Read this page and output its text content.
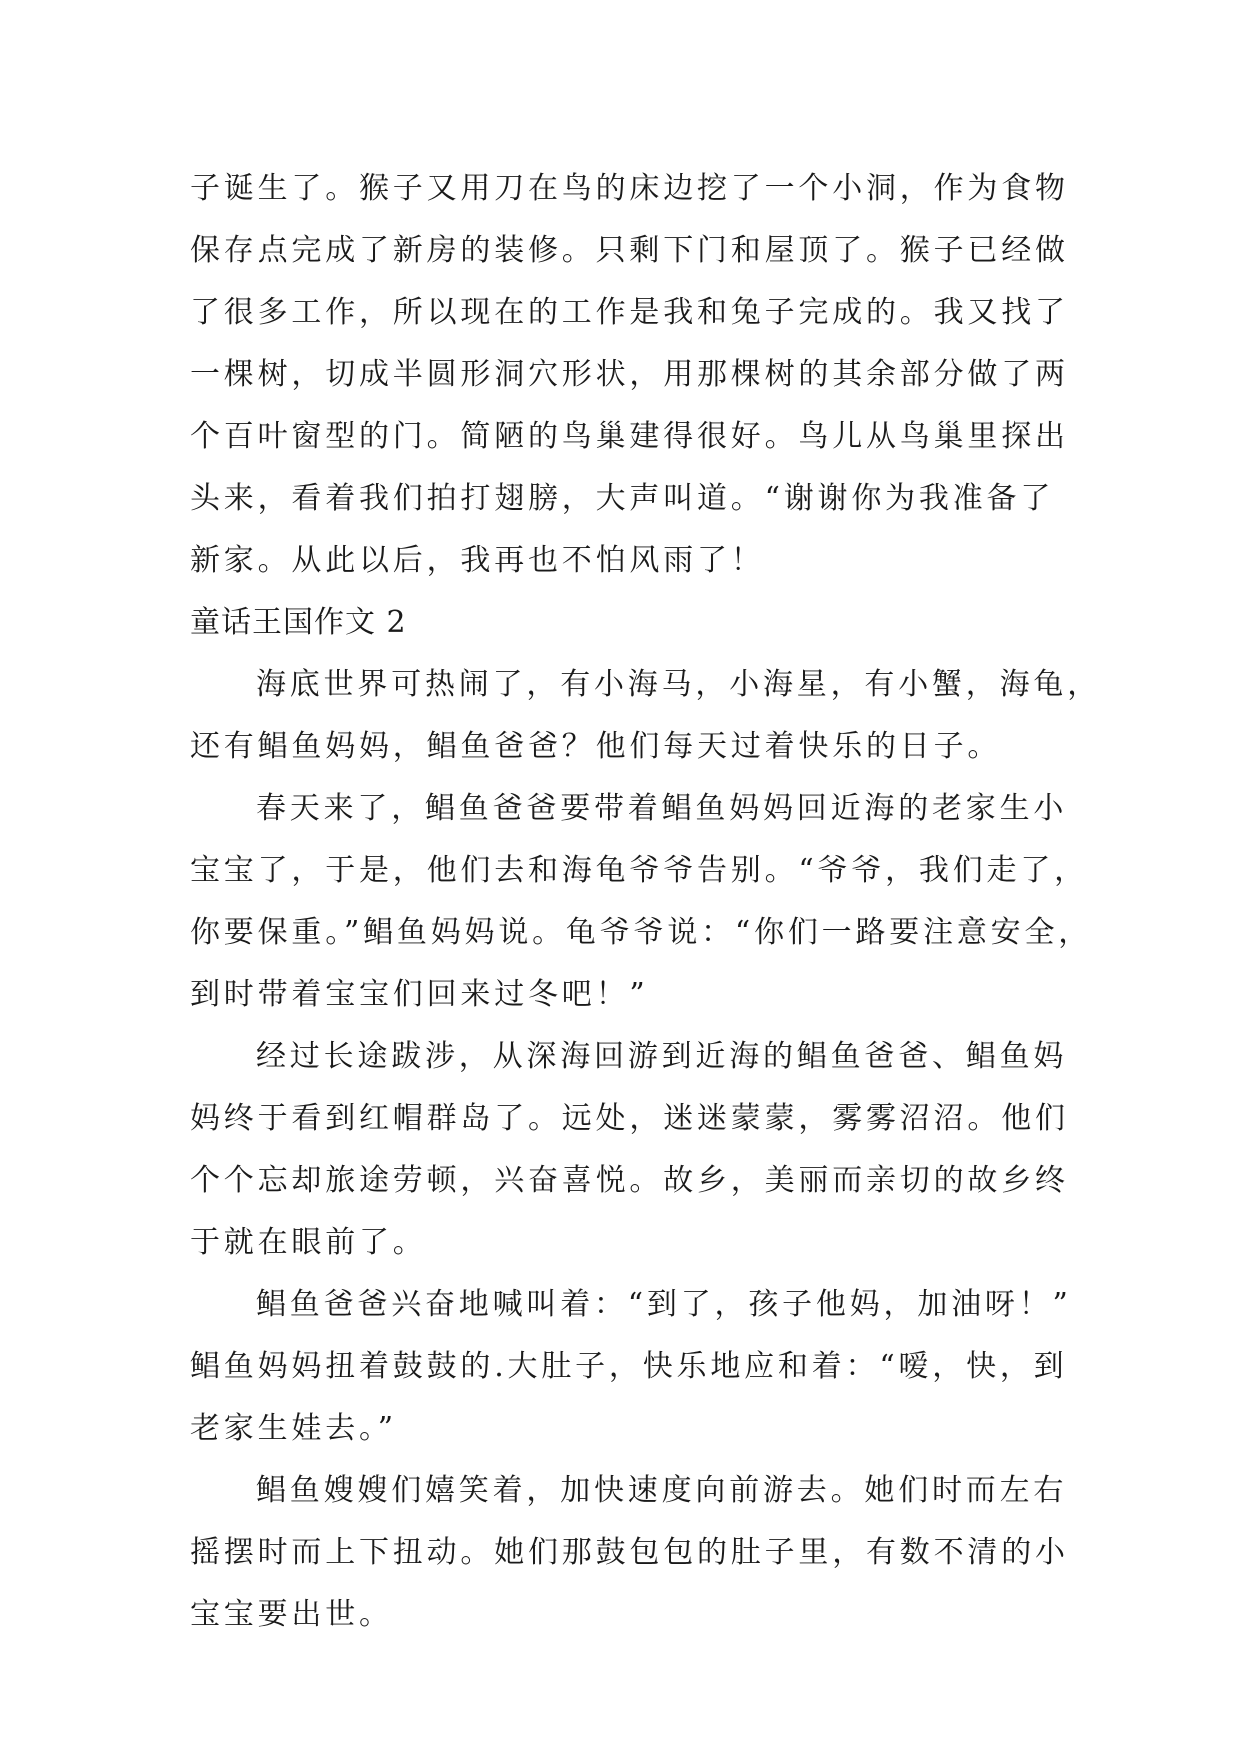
子诞生了。猴子又用刀在鸟的床边挖了一个小洞，作为食物
保存点完成了新房的装修。只剩下门和屋顶了。猴子已经做
了很多工作，所以现在的工作是我和兔子完成的。我又找了
一棵树，切成半圆形洞穴形状，用那棵树的其余部分做了两
个百叶窗型的门。简陋的鸟巢建得很好。鸟儿从鸟巢里探出
头来，看着我们拍打翅膀，大声叫道。“谢谢你为我准备了
新家。从此以后，我再也不怕风雨了！
童话王国作文 2
海底世界可热闹了，有小海马，小海星，有小蟹，海龟，
还有鲳鱼妈妈，鲳鱼爸爸？他们每天过着快乐的日子。
春天来了，鲳鱼爸爸要带着鲳鱼妈妈回近海的老家生小
宝宝了，于是，他们去和海龟爷爷告别。“爷爷，我们走了，
你要保重。”鲳鱼妈妈说。龟爷爷说：“你们一路要注意安全，
到时带着宝宝们回来过冬吧！”
经过长途跋涉，从深海回游到近海的鲳鱼爸爸、鲳鱼妈
妈终于看到红帽群岛了。远处，迷迷蒙蒙，雾雾沼沼。他们
个个忘却旅途劳顿，兴奋喜悦。故乡，美丽而亲切的故乡终
于就在眼前了。
鲳鱼爸爸兴奋地喊叫着：“到了，孩子他妈，加油呀！”
鲳鱼妈妈扭着鼓鼓的.大肚子，快乐地应和着：“嗳，快，到
老家生娃去。”
鲳鱼嫂嫂们嬉笑着，加快速度向前游去。她们时而左右
摇摆时而上下扭动。她们那鼓包包的肚子里，有数不清的小
宝宝要出世。
